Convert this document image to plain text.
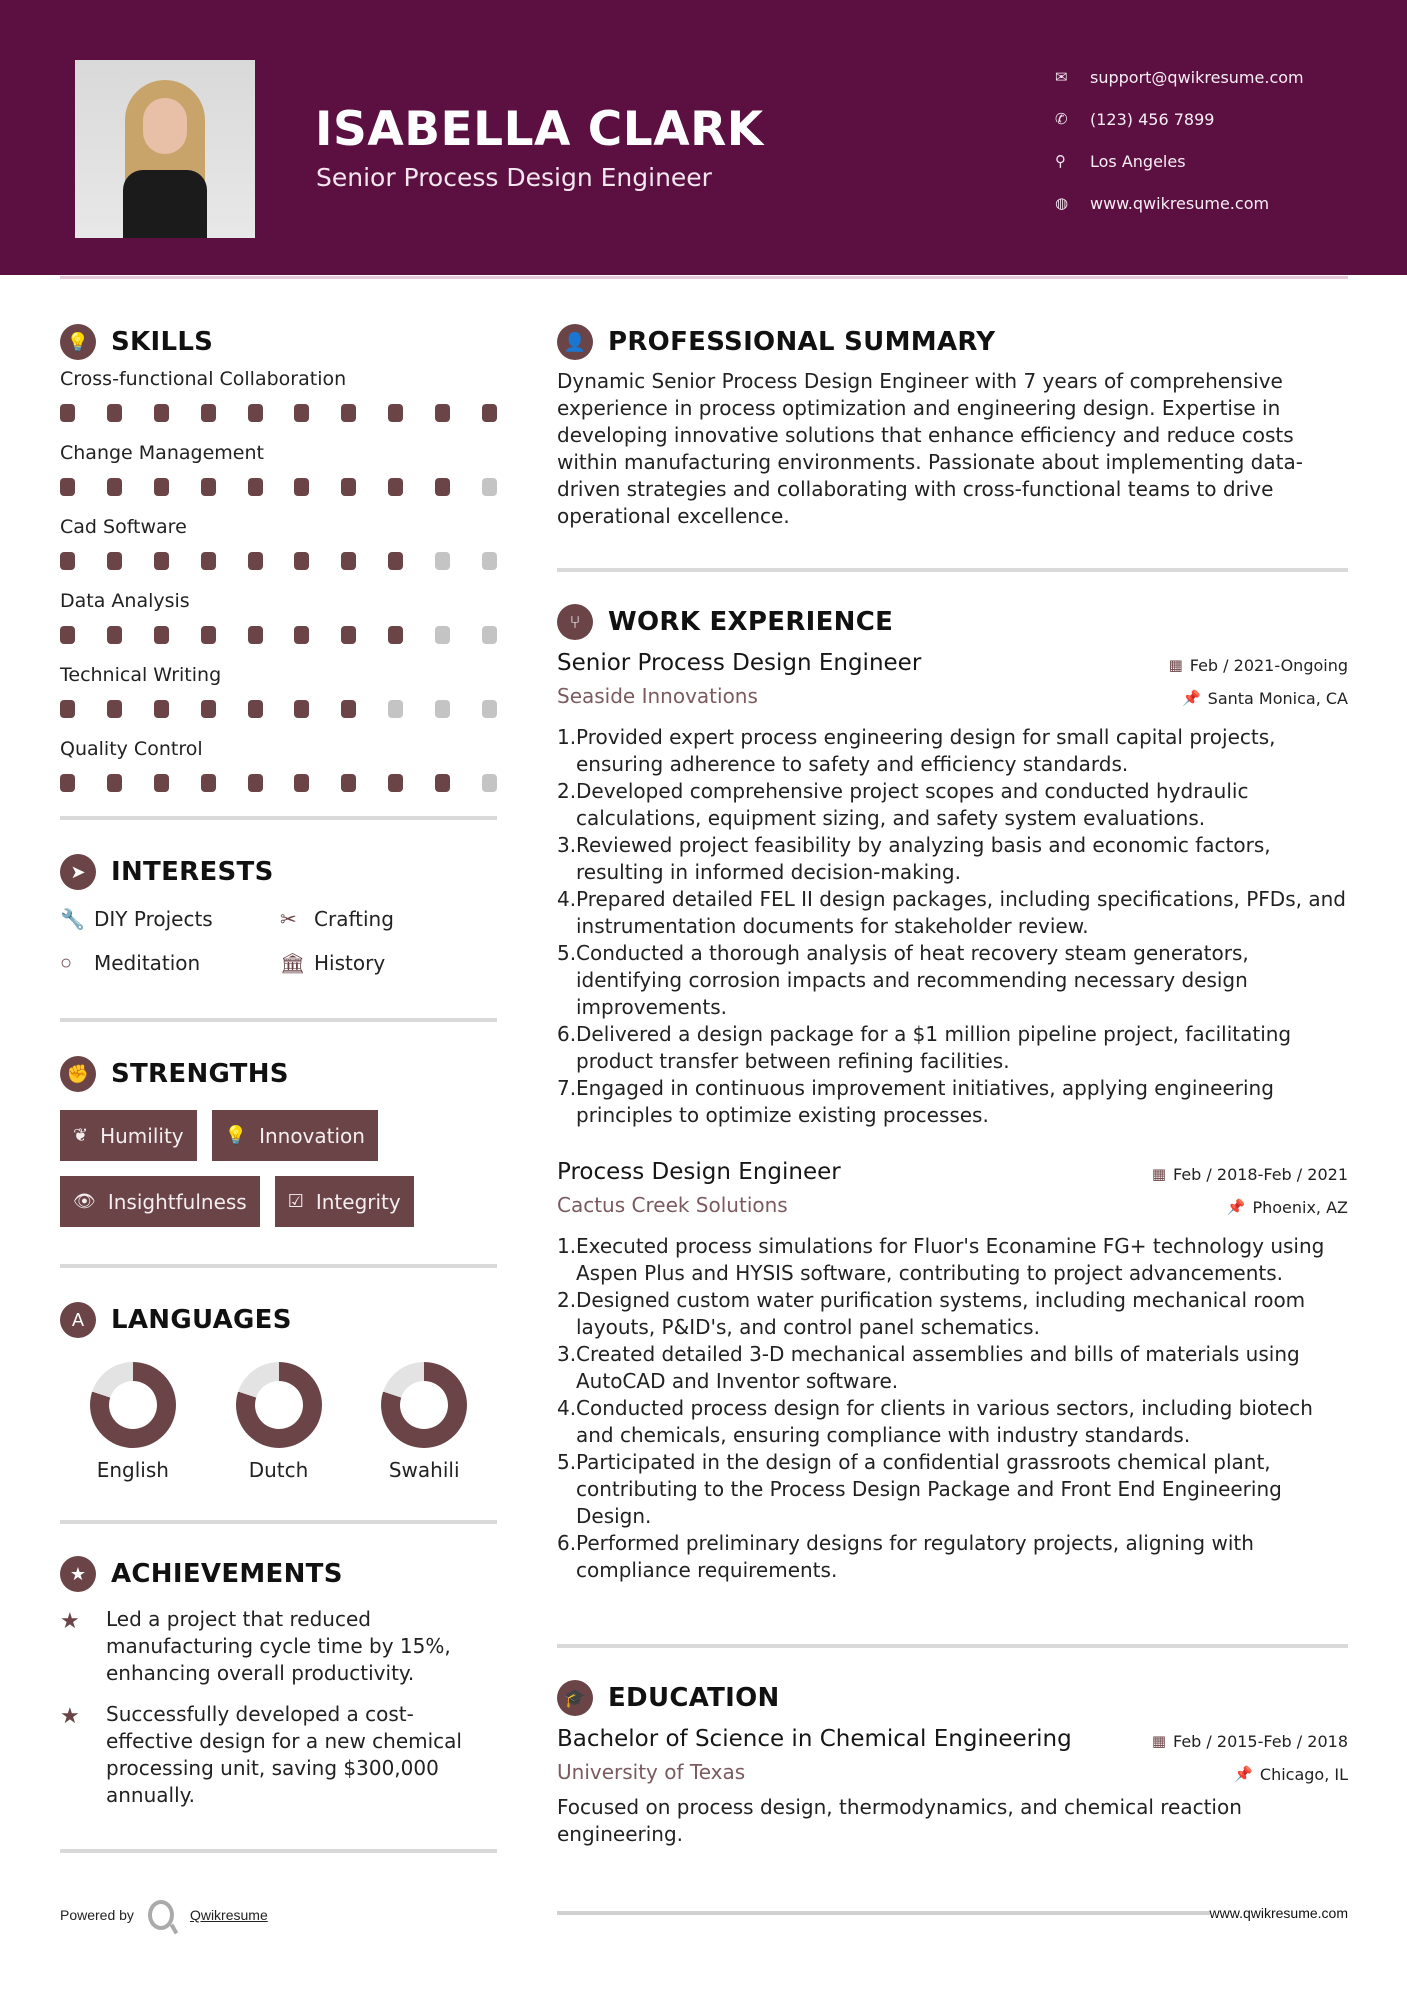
ISABELLA CLARK
Senior Process Design Engineer
✉	support@qwikresume.com
✆	(123) 456 7899
⚲	Los Angeles
◍	www.qwikresume.com
💡 SKILLS
Cross-functional Collaboration
Change Management
Cad Software
Data Analysis
Technical Writing
Quality Control
➤ INTERESTS
🔧 DIY Projects	✂ Crafting
○	Meditation	🏛 History
✊ STRENGTHS
❦ Humility 💡 Innovation
👁 Insightfulness ☑ Integrity
A	LANGUAGES
English	Dutch	Swahili
★ ACHIEVEMENTS
★	Led a project that reduced manufacturing cycle time by 15%, enhancing overall productivity.
★	Successfully developed a cost-effective design for a new chemical processing unit, saving $300,000 annually.
👤 PROFESSIONAL SUMMARY
Dynamic Senior Process Design Engineer with 7 years of comprehensive experience in process optimization and engineering design. Expertise in developing innovative solutions that enhance efficiency and reduce costs within manufacturing environments. Passionate about implementing data-driven strategies and collaborating with cross-functional teams to drive operational excellence.
⑂	WORK EXPERIENCE
Senior Process Design Engineer	▦ Feb / 2021-Ongoing
Seaside Innovations	📌 Santa Monica, CA
1. Provided expert process engineering design for small capital projects, ensuring adherence to safety and efficiency standards.
2. Developed comprehensive project scopes and conducted hydraulic calculations, equipment sizing, and safety system evaluations.
3. Reviewed project feasibility by analyzing basis and economic factors, resulting in informed decision-making.
4. Prepared detailed FEL II design packages, including specifications, PFDs, and instrumentation documents for stakeholder review.
5. Conducted a thorough analysis of heat recovery steam generators, identifying corrosion impacts and recommending necessary design improvements.
6. Delivered a design package for a $1 million pipeline project, facilitating product transfer between refining facilities.
7. Engaged in continuous improvement initiatives, applying engineering principles to optimize existing processes.
Process Design Engineer	▦ Feb / 2018-Feb / 2021
Cactus Creek Solutions	📌 Phoenix, AZ
1. Executed process simulations for Fluor's Econamine FG+ technology using Aspen Plus and HYSIS software, contributing to project advancements.
2. Designed custom water purification systems, including mechanical room layouts, P&ID's, and control panel schematics.
3. Created detailed 3-D mechanical assemblies and bills of materials using AutoCAD and Inventor software.
4. Conducted process design for clients in various sectors, including biotech and chemicals, ensuring compliance with industry standards.
5. Participated in the design of a confidential grassroots chemical plant, contributing to the Process Design Package and Front End Engineering Design.
6. Performed preliminary designs for regulatory projects, aligning with compliance requirements.
🎓 EDUCATION
Bachelor of Science in Chemical Engineering	▦ Feb / 2015-Feb / 2018
University of Texas	📌 Chicago, IL
Focused on process design, thermodynamics, and chemical reaction engineering.
Powered by	Qwikresume	www.qwikresume.com
